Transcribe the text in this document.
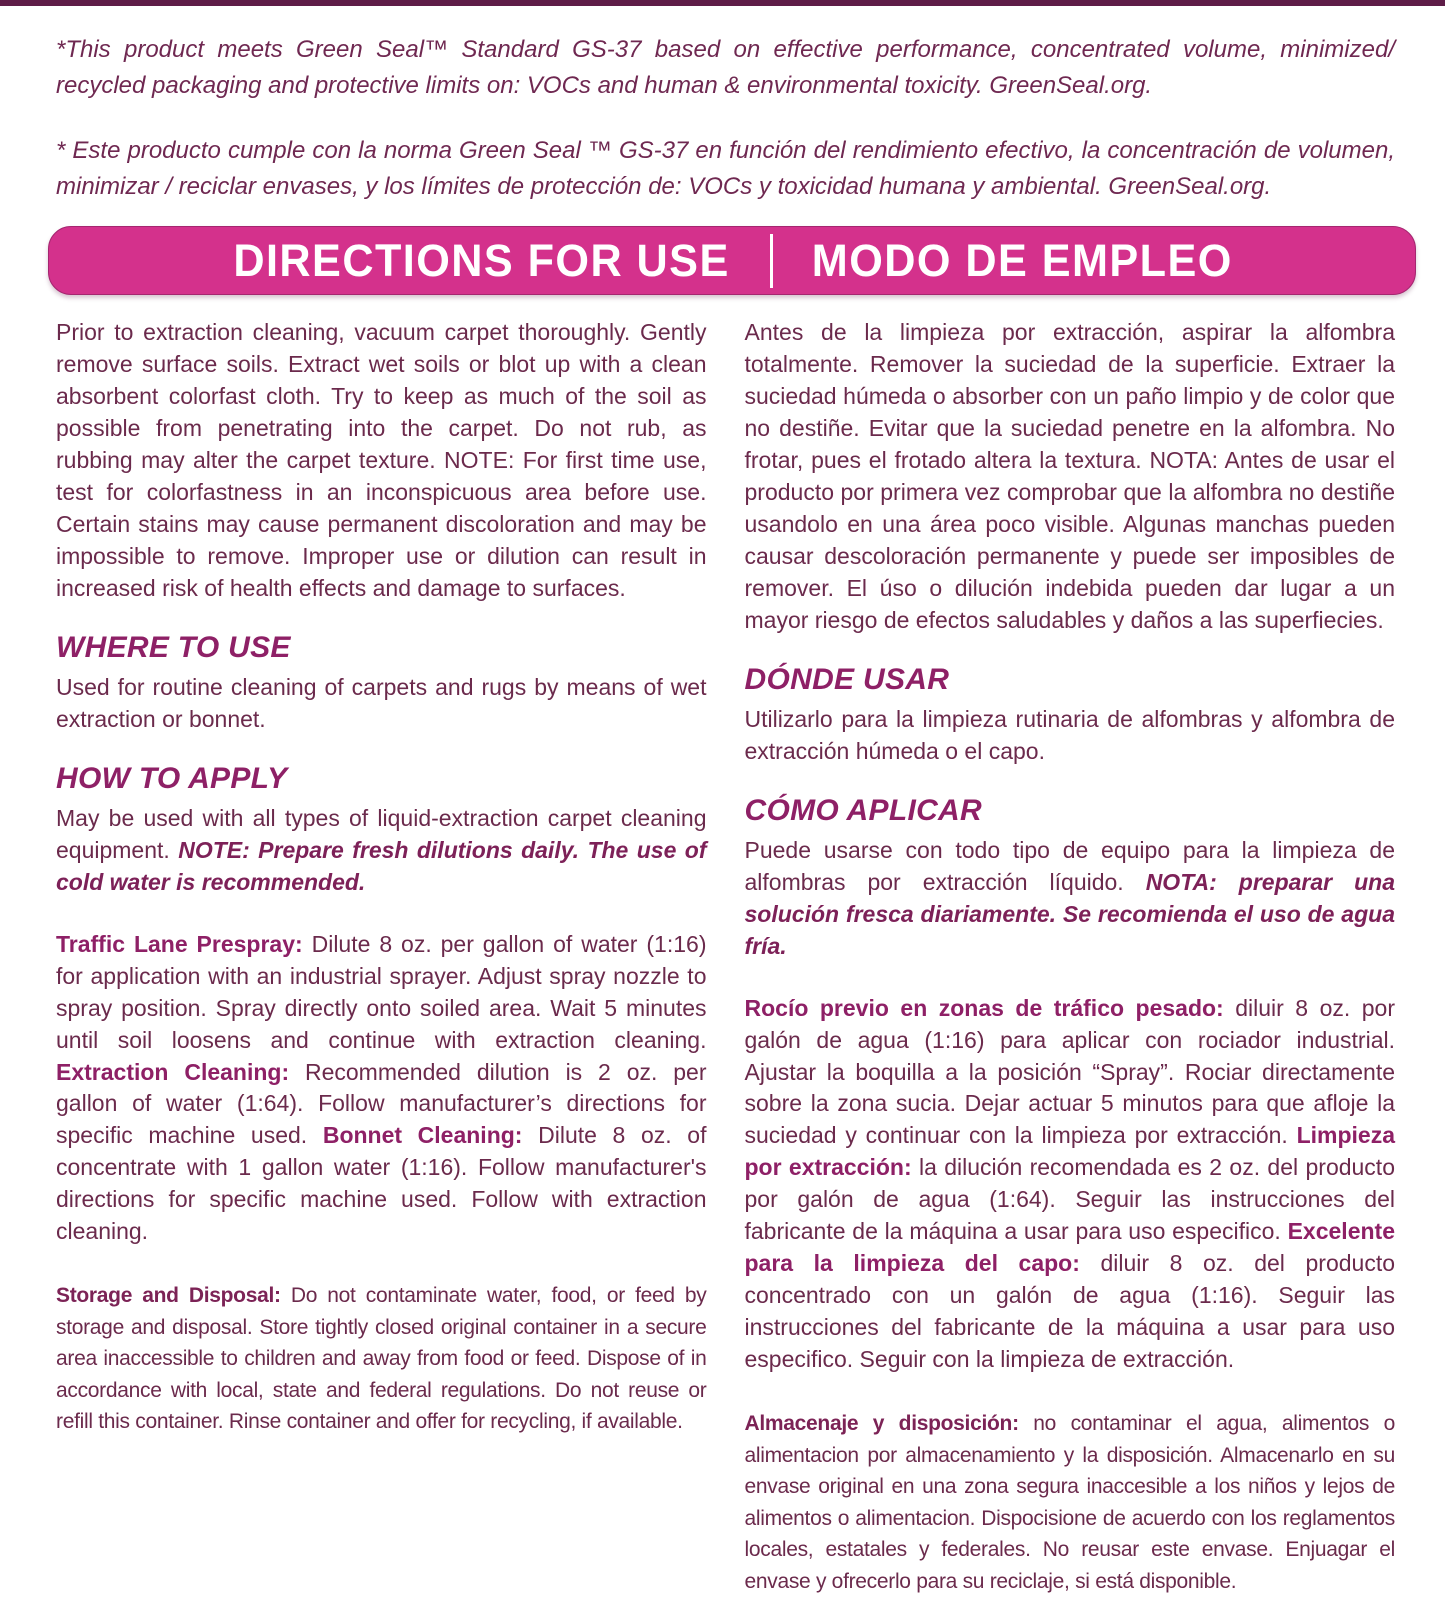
*This product meets Green Seal™ Standard GS-37 based on effective performance, concentrated volume, minimized/ recycled packaging and protective limits on: VOCs and human & environmental toxicity. GreenSeal.org.

* Este producto cumple con la norma Green Seal ™ GS-37 en función del rendimiento efectivo, la concentración de volumen, minimizar / reciclar envases, y los límites de protección de: VOCs y toxicidad humana y ambiental. GreenSeal.org.

DIRECTIONS FOR USE MODO DE EMPLEO

Prior to extraction cleaning, vacuum carpet thoroughly. Gently remove surface soils. Extract wet soils or blot up with a clean absorbent colorfast cloth. Try to keep as much of the soil as possible from penetrating into the carpet. Do not rub, as rubbing may alter the carpet texture. NOTE: For first time use, test for colorfastness in an inconspicuous area before use. Certain stains may cause permanent discoloration and may be impossible to remove. Improper use or dilution can result in increased risk of health effects and damage to surfaces.

WHERE TO USE

Used for routine cleaning of carpets and rugs by means of wet extraction or bonnet.

HOW TO APPLY

May be used with all types of liquid-extraction carpet cleaning equipment. NOTE: Prepare fresh dilutions daily. The use of cold water is recommended.

Traffic Lane Prespray: Dilute 8 oz. per gallon of water (1:16) for application with an industrial sprayer. Adjust spray nozzle to spray position. Spray directly onto soiled area. Wait 5 minutes until soil loosens and continue with extraction cleaning. Extraction Cleaning: Recommended dilution is 2 oz. per gallon of water (1:64). Follow manufacturer’s directions for specific machine used. Bonnet Cleaning: Dilute 8 oz. of concentrate with 1 gallon water (1:16). Follow manufacturer's directions for specific machine used. Follow with extraction cleaning.

Storage and Disposal: Do not contaminate water, food, or feed by storage and disposal. Store tightly closed original container in a secure area inaccessible to children and away from food or feed. Dispose of in accordance with local, state and federal regulations. Do not reuse or refill this container. Rinse container and offer for recycling, if available.

Antes de la limpieza por extracción, aspirar la alfombra totalmente. Remover la suciedad de la superficie. Extraer la suciedad húmeda o absorber con un paño limpio y de color que no destiñe. Evitar que la suciedad penetre en la alfombra. No frotar, pues el frotado altera la textura. NOTA: Antes de usar el producto por primera vez comprobar que la alfombra no destiñe usandolo en una área poco visible. Algunas manchas pueden causar descoloración permanente y puede ser imposibles de remover. El úso o dilución indebida pueden dar lugar a un mayor riesgo de efectos saludables y daños a las superfiecies.

DÓNDE USAR

Utilizarlo para la limpieza rutinaria de alfombras y alfombra de extracción húmeda o el capo.

CÓMO APLICAR

Puede usarse con todo tipo de equipo para la limpieza de alfombras por extracción líquido. NOTA: preparar una solución fresca diariamente. Se recomienda el uso de agua fría.

Rocío previo en zonas de tráfico pesado: diluir 8 oz. por galón de agua (1:16) para aplicar con rociador industrial. Ajustar la boquilla a la posición “Spray”. Rociar directamente sobre la zona sucia. Dejar actuar 5 minutos para que afloje la suciedad y continuar con la limpieza por extracción. Limpieza por extracción: la dilución recomendada es 2 oz. del producto por galón de agua (1:64). Seguir las instrucciones del fabricante de la máquina a usar para uso especifico. Excelente para la limpieza del capo: diluir 8 oz. del producto concentrado con un galón de agua (1:16). Seguir las instrucciones del fabricante de la máquina a usar para uso especifico. Seguir con la limpieza de extracción.

Almacenaje y disposición: no contaminar el agua, alimentos o alimentacion por almacenamiento y la disposición. Almacenarlo en su envase original en una zona segura inaccesible a los niños y lejos de alimentos o alimentacion. Dispocisione de acuerdo con los reglamentos locales, estatales y federales. No reusar este envase. Enjuagar el envase y ofrecerlo para su reciclaje, si está disponible.
